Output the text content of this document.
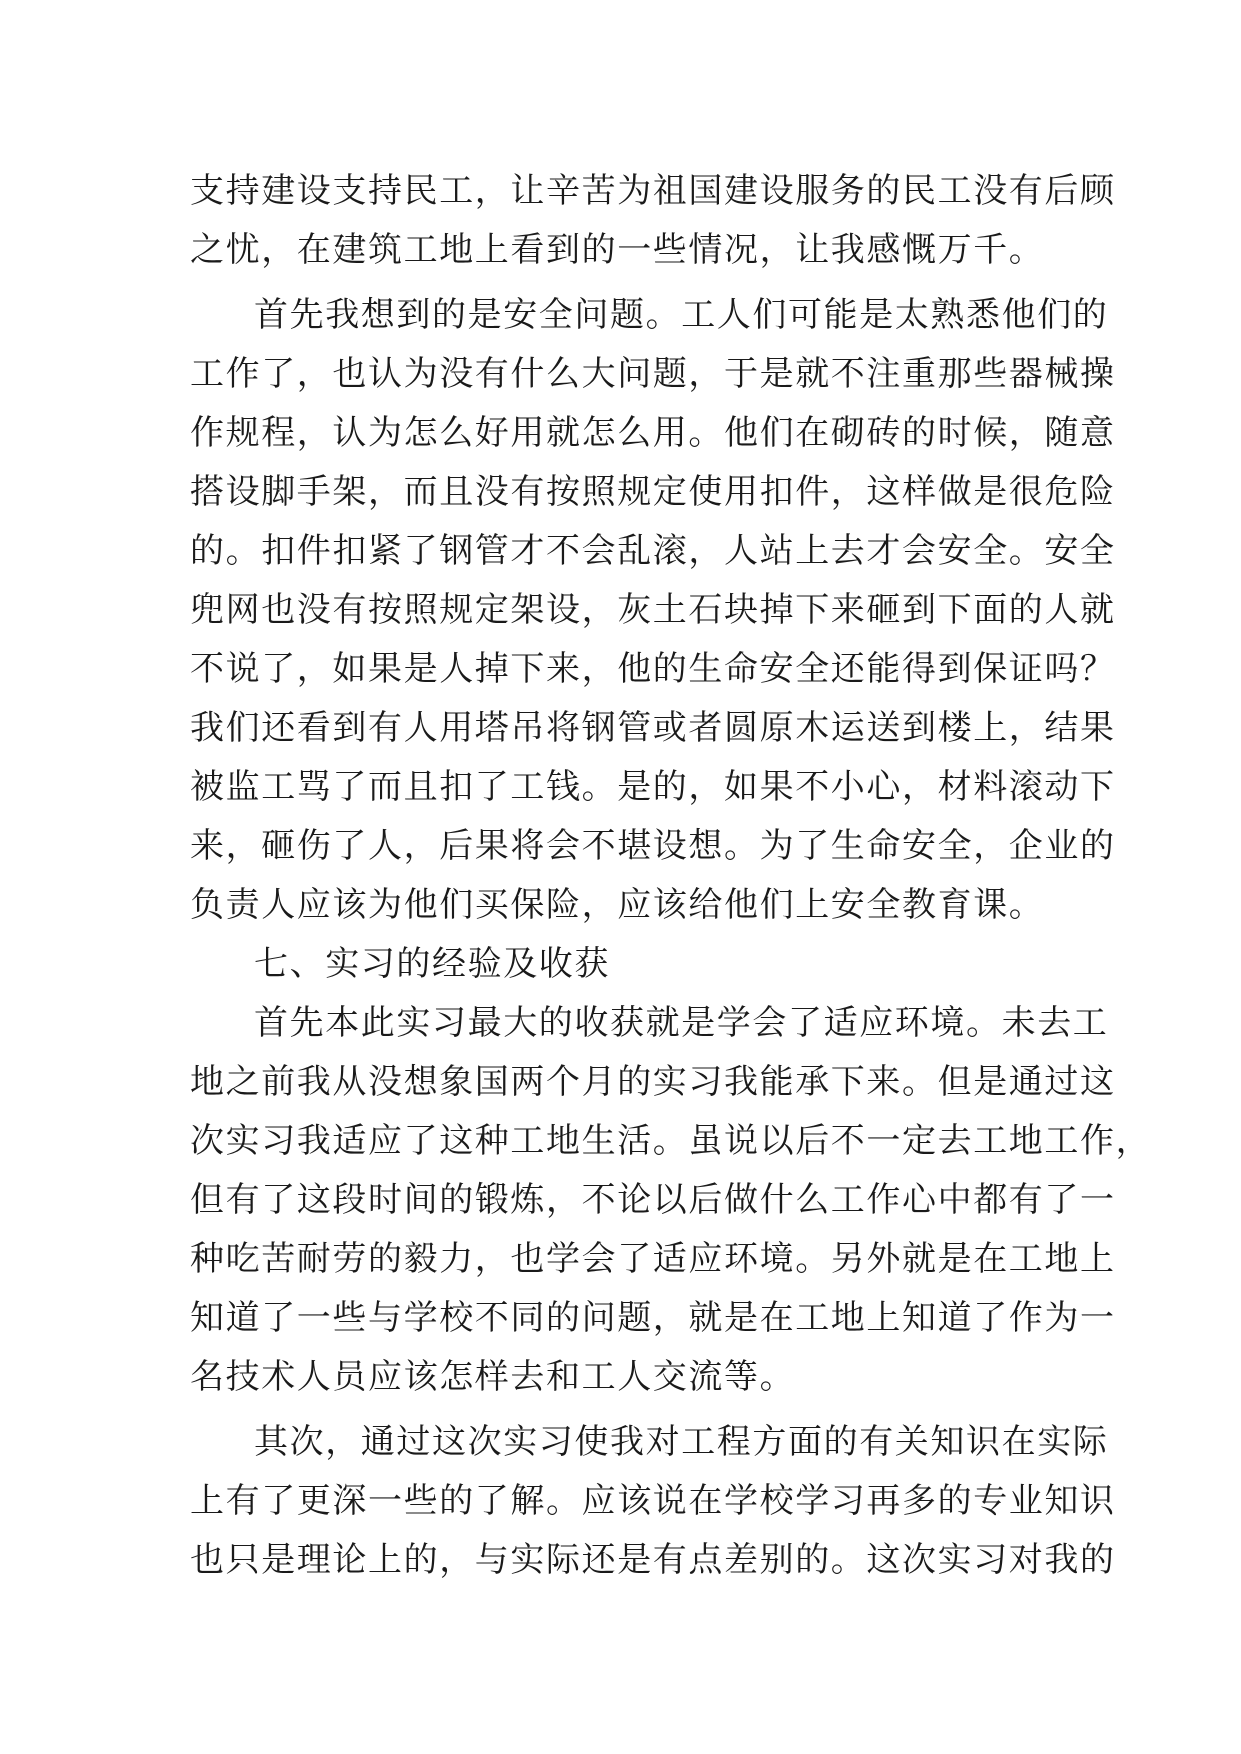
支持建设支持民工，让辛苦为祖国建设服务的民工没有后顾
之忧，在建筑工地上看到的一些情况，让我感慨万千。
首先我想到的是安全问题。工人们可能是太熟悉他们的
工作了，也认为没有什么大问题，于是就不注重那些器械操
作规程，认为怎么好用就怎么用。他们在砌砖的时候，随意
搭设脚手架，而且没有按照规定使用扣件，这样做是很危险
的。扣件扣紧了钢管才不会乱滚，人站上去才会安全。安全
兜网也没有按照规定架设，灰土石块掉下来砸到下面的人就
不说了，如果是人掉下来，他的生命安全还能得到保证吗？
我们还看到有人用塔吊将钢管或者圆原木运送到楼上，结果
被监工骂了而且扣了工钱。是的，如果不小心，材料滚动下
来，砸伤了人，后果将会不堪设想。为了生命安全，企业的
负责人应该为他们买保险，应该给他们上安全教育课。
七、实习的经验及收获
首先本此实习最大的收获就是学会了适应环境。未去工
地之前我从没想象国两个月的实习我能承下来。但是通过这
次实习我适应了这种工地生活。虽说以后不一定去工地工作，
但有了这段时间的锻炼，不论以后做什么工作心中都有了一
种吃苦耐劳的毅力，也学会了适应环境。另外就是在工地上
知道了一些与学校不同的问题，就是在工地上知道了作为一
名技术人员应该怎样去和工人交流等。
其次，通过这次实习使我对工程方面的有关知识在实际
上有了更深一些的了解。应该说在学校学习再多的专业知识
也只是理论上的，与实际还是有点差别的。这次实习对我的
